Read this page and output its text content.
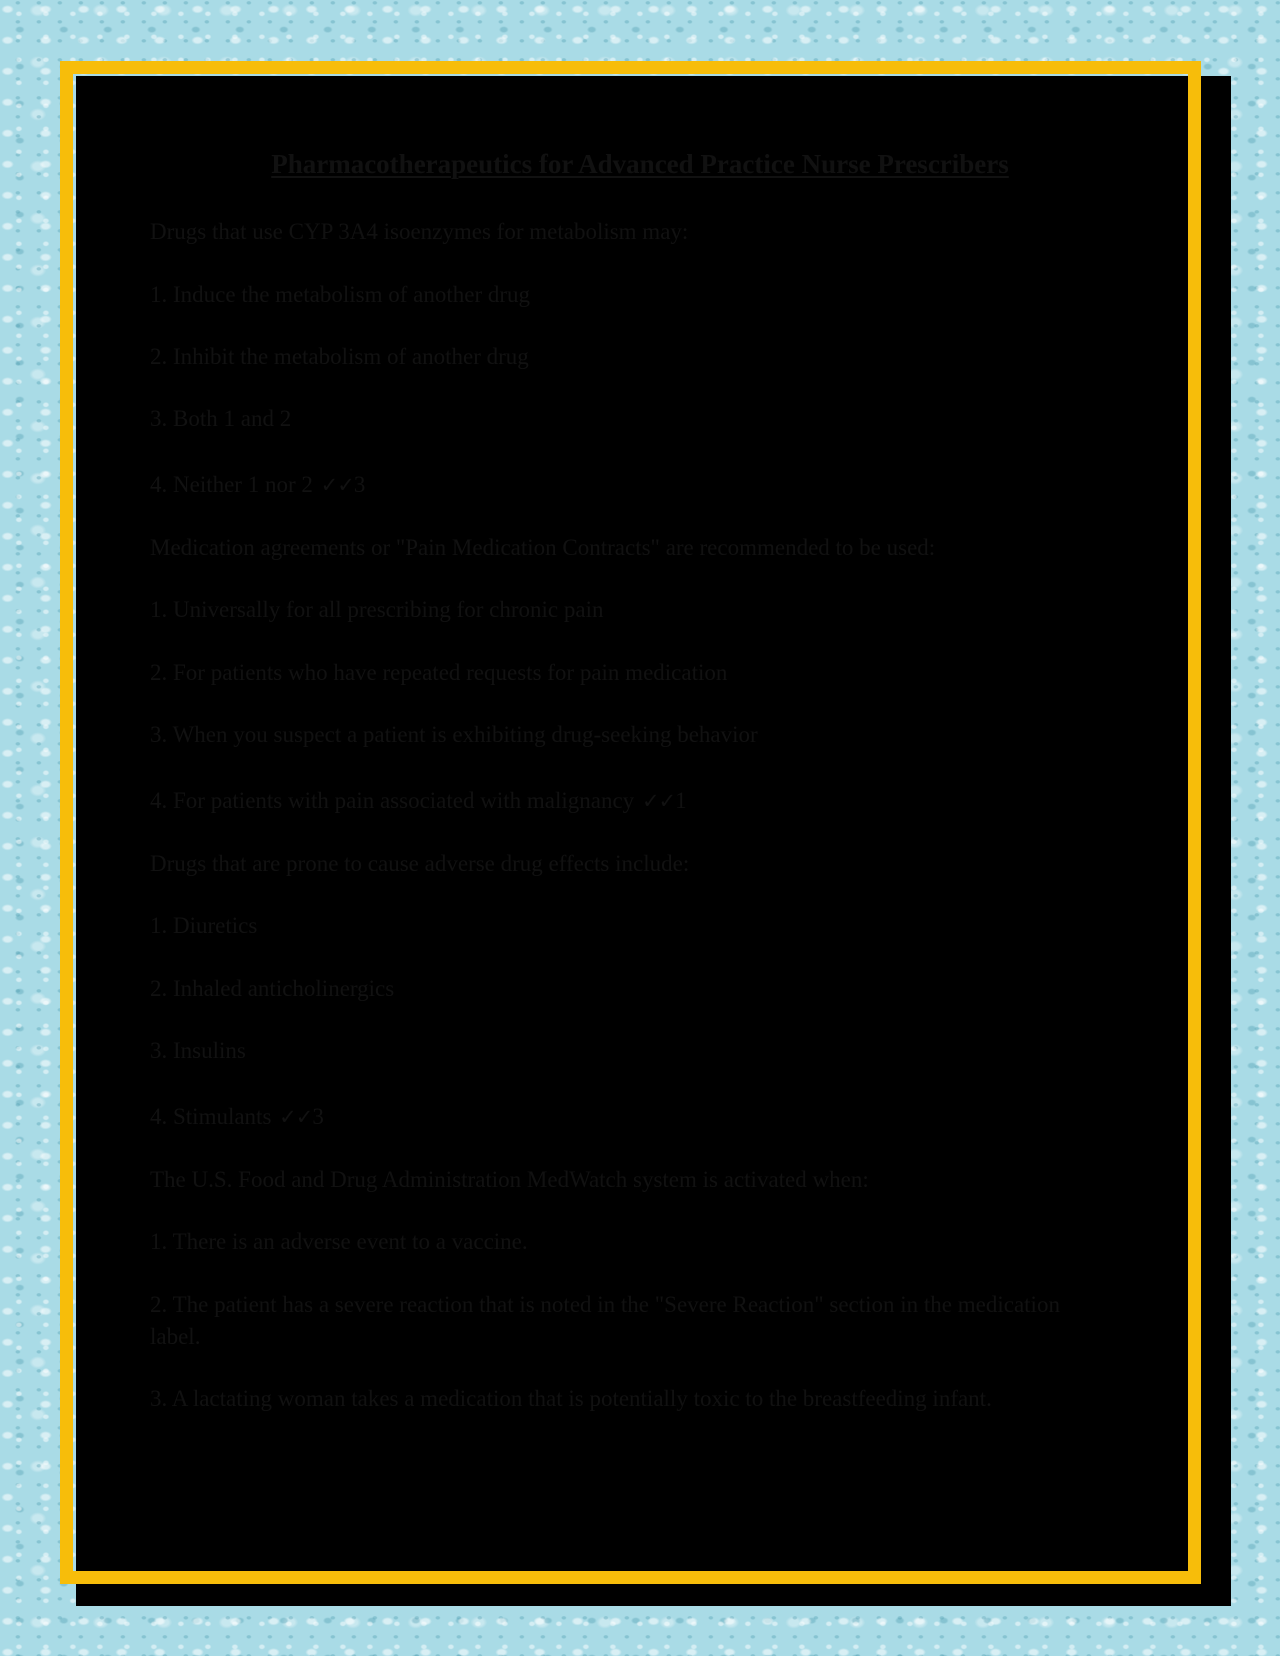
Pharmacotherapeutics for Advanced Practice Nurse Prescribers

Drugs that use CYP 3A4 isoenzymes for metabolism may:

1. Induce the metabolism of another drug

2. Inhibit the metabolism of another drug

3. Both 1 and 2

4. Neither 1 nor 2 ✓✓3

Medication agreements or "Pain Medication Contracts" are recommended to be used:

1. Universally for all prescribing for chronic pain

2. For patients who have repeated requests for pain medication

3. When you suspect a patient is exhibiting drug-seeking behavior

4. For patients with pain associated with malignancy ✓✓1

Drugs that are prone to cause adverse drug effects include:

1. Diuretics

2. Inhaled anticholinergics

3. Insulins

4. Stimulants ✓✓3

The U.S. Food and Drug Administration MedWatch system is activated when:

1. There is an adverse event to a vaccine.

2. The patient has a severe reaction that is noted in the "Severe Reaction" section in the medication label.

3. A lactating woman takes a medication that is potentially toxic to the breastfeeding infant.
